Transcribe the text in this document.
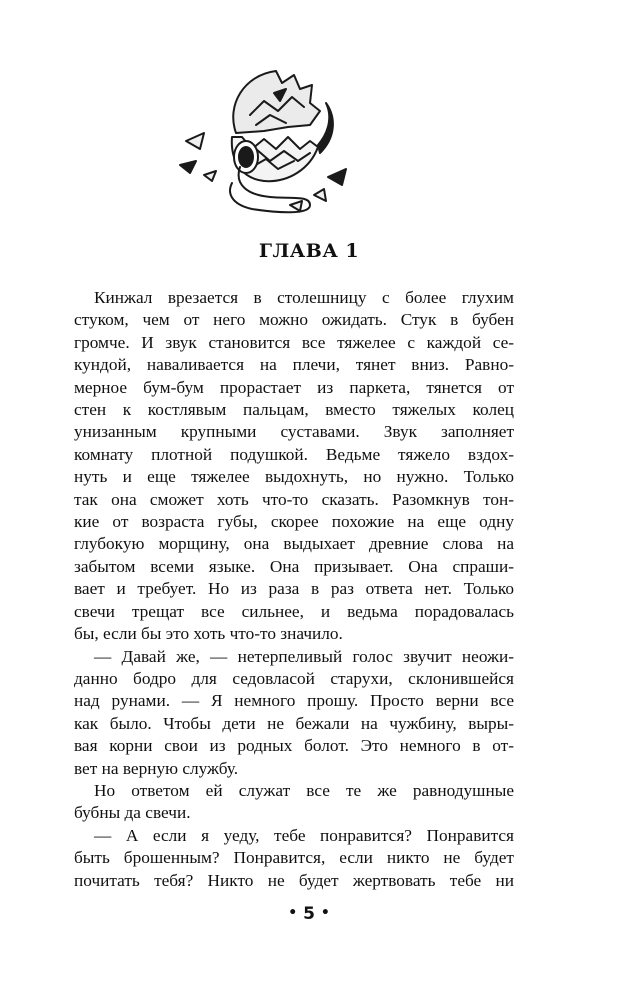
ГЛАВА 1

Кинжал врезается в столешницу с более глухим
стуком, чем от него можно ожидать. Стук в бубен
громче. И звук становится все тяжелее с каждой се-
кундой, наваливается на плечи, тянет вниз. Равно-
мерное бум-бум прорастает из паркета, тянется от
стен к костлявым пальцам, вместо тяжелых колец
унизанным крупными суставами. Звук заполняет
комнату плотной подушкой. Ведьме тяжело вздох-
нуть и еще тяжелее выдохнуть, но нужно. Только
так она сможет хоть что-то сказать. Разомкнув тон-
кие от возраста губы, скорее похожие на еще одну
глубокую морщину, она выдыхает древние слова на
забытом всеми языке. Она призывает. Она спраши-
вает и требует. Но из раза в раз ответа нет. Только
свечи трещат все сильнее, и ведьма порадовалась
бы, если бы это хоть что-то значило.

— Давай же, — нетерпеливый голос звучит неожи-
данно бодро для седовласой старухи, склонившейся
над рунами. — Я немного прошу. Просто верни все
как было. Чтобы дети не бежали на чужбину, выры-
вая корни свои из родных болот. Это немного в от-
вет на верную службу.

Но ответом ей служат все те же равнодушные
бубны да свечи.

— А если я уеду, тебе понравится? Понравится
быть брошенным? Понравится, если никто не будет
почитать тебя? Никто не будет жертвовать тебе ни

• 5 •
